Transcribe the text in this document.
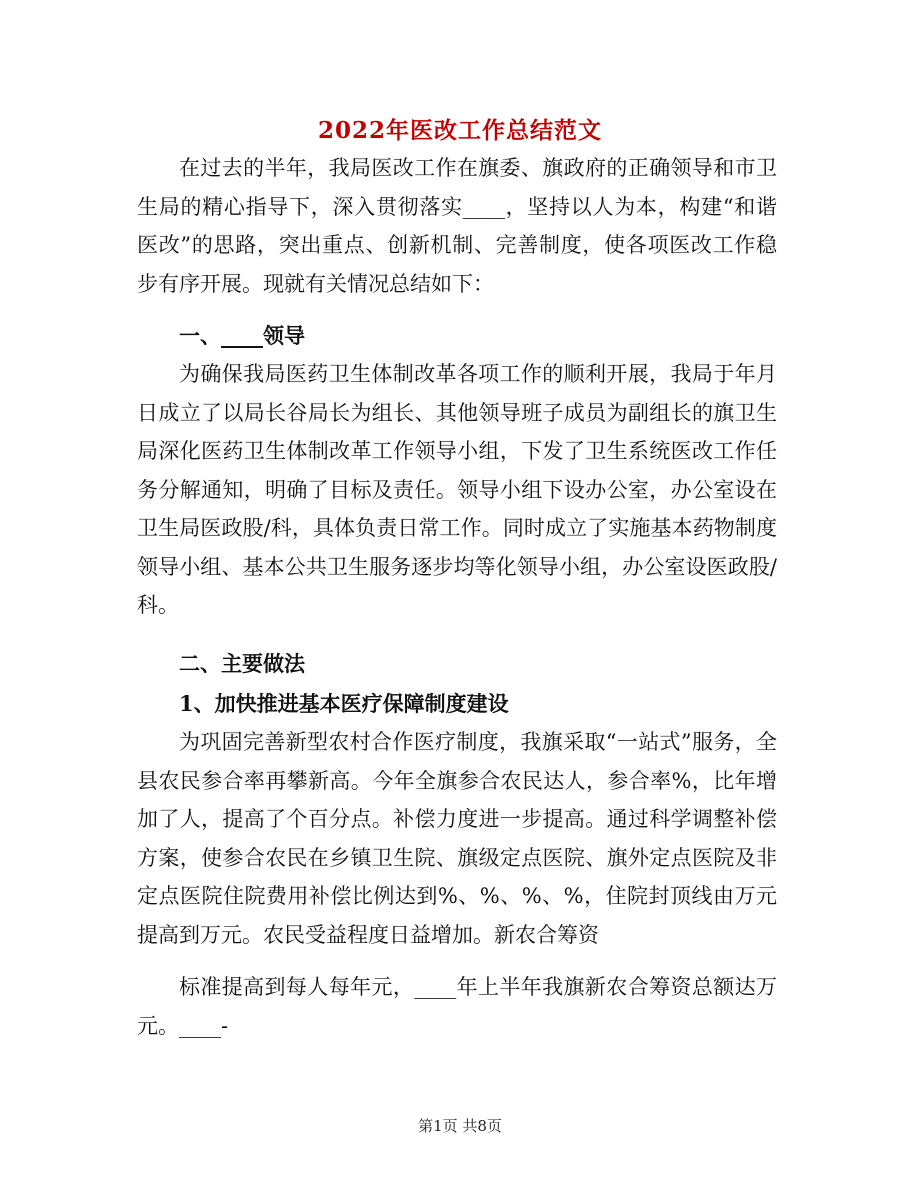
2022年医改工作总结范文

在过去的半年，我局医改工作在旗委、旗政府的正确领导和市卫生局的精心指导下，深入贯彻落实____，坚持以人为本，构建“和谐医改”的思路，突出重点、创新机制、完善制度，使各项医改工作稳步有序开展。现就有关情况总结如下：

一、____领导

为确保我局医药卫生体制改革各项工作的顺利开展，我局于年月日成立了以局长谷局长为组长、其他领导班子成员为副组长的旗卫生局深化医药卫生体制改革工作领导小组，下发了卫生系统医改工作任务分解通知，明确了目标及责任。领导小组下设办公室，办公室设在卫生局医政股/科，具体负责日常工作。同时成立了实施基本药物制度领导小组、基本公共卫生服务逐步均等化领导小组，办公室设医政股/科。

二、主要做法

1、加快推进基本医疗保障制度建设

为巩固完善新型农村合作医疗制度，我旗采取“一站式”服务，全县农民参合率再攀新高。今年全旗参合农民达人，参合率%，比年增加了人，提高了个百分点。补偿力度进一步提高。通过科学调整补偿方案，使参合农民在乡镇卫生院、旗级定点医院、旗外定点医院及非定点医院住院费用补偿比例达到%、%、%、%，住院封顶线由万元提高到万元。农民受益程度日益增加。新农合筹资

标准提高到每人每年元，____年上半年我旗新农合筹资总额达万元。____-

第1页 共8页
